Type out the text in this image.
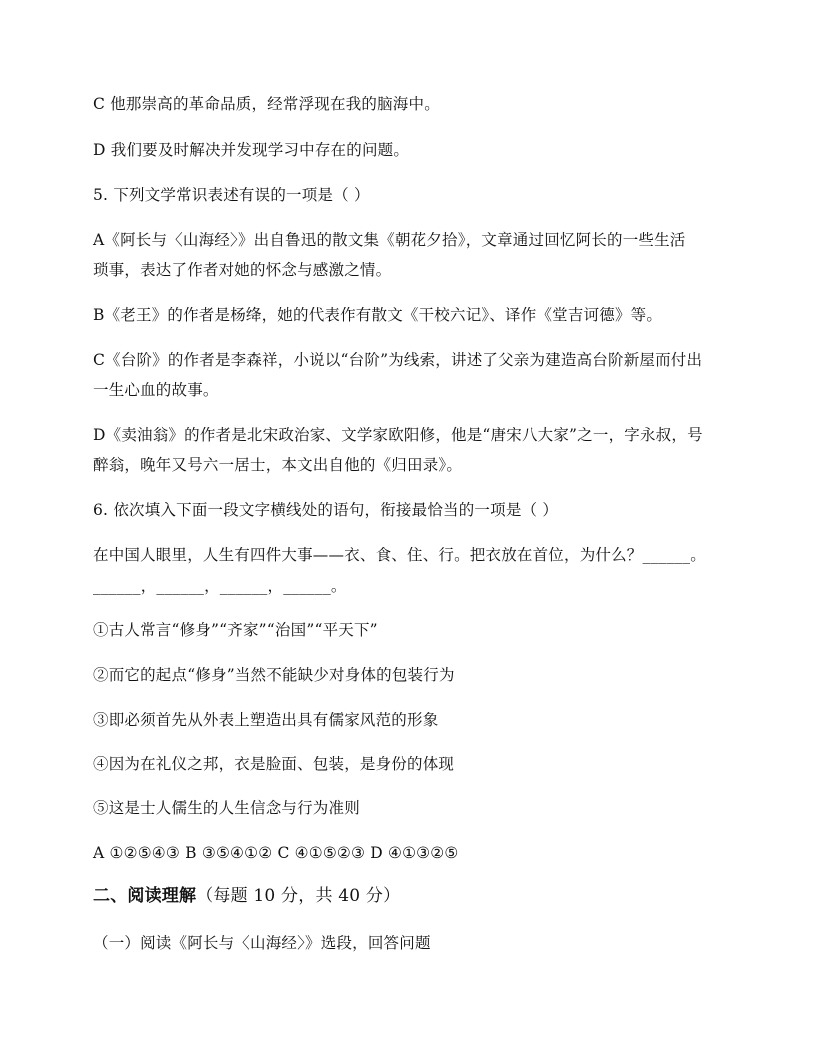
C 他那崇高的革命品质，经常浮现在我的脑海中。
D 我们要及时解决并发现学习中存在的问题。
5. 下列文学常识表述有误的一项是（ ）
A《阿长与〈山海经〉》出自鲁迅的散文集《朝花夕拾》，文章通过回忆阿长的一些生活
琐事，表达了作者对她的怀念与感激之情。
B《老王》的作者是杨绛，她的代表作有散文《干校六记》、译作《堂吉诃德》等。
C《台阶》的作者是李森祥，小说以“台阶”为线索，讲述了父亲为建造高台阶新屋而付出
一生心血的故事。
D《卖油翁》的作者是北宋政治家、文学家欧阳修，他是“唐宋八大家”之一，字永叔，号
醉翁，晚年又号六一居士，本文出自他的《归田录》。
6. 依次填入下面一段文字横线处的语句，衔接最恰当的一项是（ ）
在中国人眼里，人生有四件大事——衣、食、住、行。把衣放在首位，为什么？______。
______，______，______，______。
①古人常言“修身”“齐家”“治国”“平天下”
②而它的起点“修身”当然不能缺少对身体的包装行为
③即必须首先从外表上塑造出具有儒家风范的形象
④因为在礼仪之邦，衣是脸面、包装，是身份的体现
⑤这是士人儒生的人生信念与行为准则
A ①②⑤④③ B ③⑤④①② C ④①⑤②③ D ④①③②⑤
二、阅读理解（每题 10 分，共 40 分）
（一）阅读《阿长与〈山海经〉》选段，回答问题
